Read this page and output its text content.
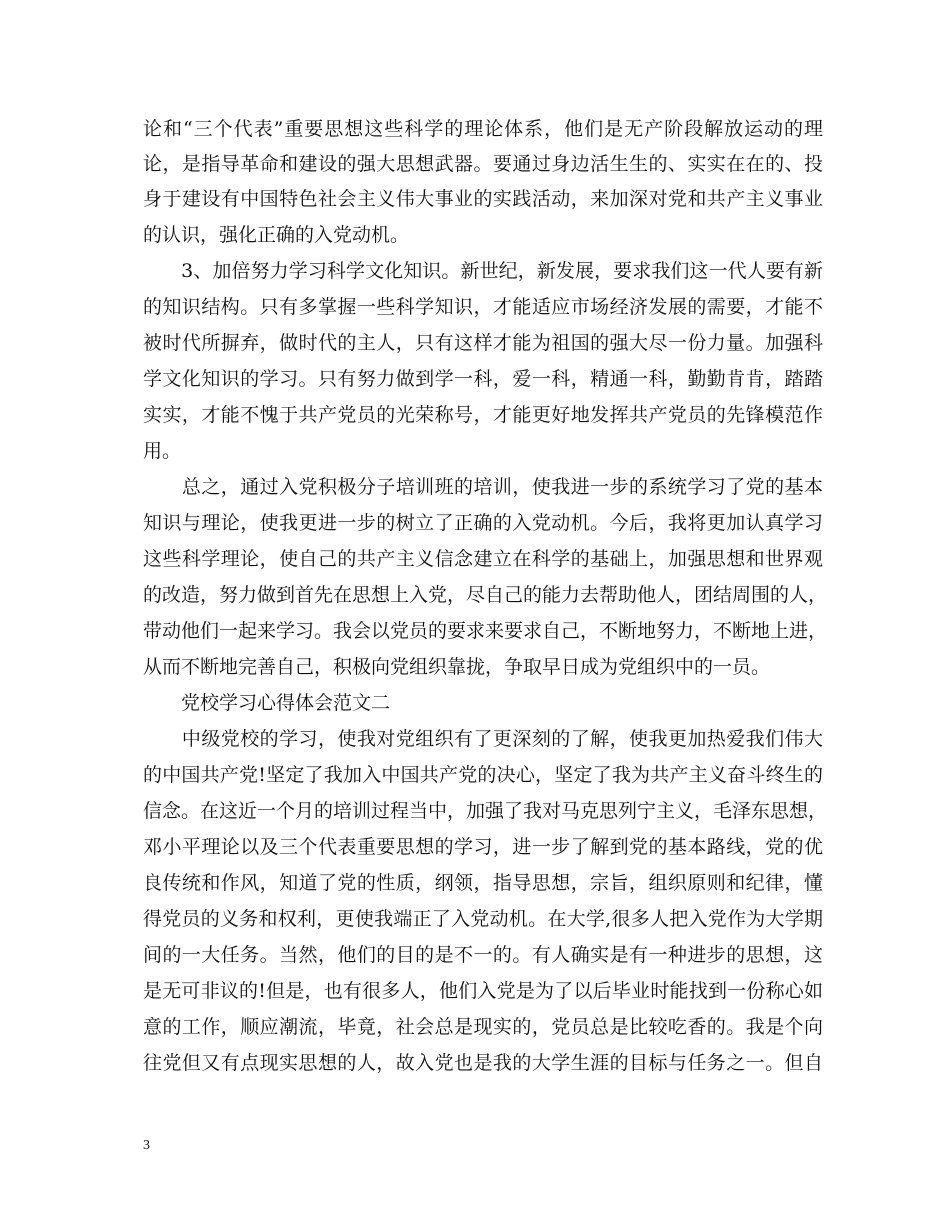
论和“三个代表”重要思想这些科学的理论体系，他们是无产阶段解放运动的理
论，是指导革命和建设的强大思想武器。要通过身边活生生的、实实在在的、投
身于建设有中国特色社会主义伟大事业的实践活动，来加深对党和共产主义事业
的认识，强化正确的入党动机。
　　3、加倍努力学习科学文化知识。新世纪，新发展，要求我们这一代人要有新
的知识结构。只有多掌握一些科学知识，才能适应市场经济发展的需要，才能不
被时代所摒弃，做时代的主人，只有这样才能为祖国的强大尽一份力量。加强科
学文化知识的学习。只有努力做到学一科，爱一科，精通一科，勤勤肯肯，踏踏
实实，才能不愧于共产党员的光荣称号，才能更好地发挥共产党员的先锋模范作
用。
　　总之，通过入党积极分子培训班的培训，使我进一步的系统学习了党的基本
知识与理论，使我更进一步的树立了正确的入党动机。今后，我将更加认真学习
这些科学理论，使自己的共产主义信念建立在科学的基础上，加强思想和世界观
的改造，努力做到首先在思想上入党，尽自己的能力去帮助他人，团结周围的人，
带动他们一起来学习。我会以党员的要求来要求自己，不断地努力，不断地上进，
从而不断地完善自己，积极向党组织靠拢，争取早日成为党组织中的一员。
　　党校学习心得体会范文二
　　中级党校的学习，使我对党组织有了更深刻的了解，使我更加热爱我们伟大
的中国共产党!坚定了我加入中国共产党的决心，坚定了我为共产主义奋斗终生的
信念。在这近一个月的培训过程当中，加强了我对马克思列宁主义，毛泽东思想，
邓小平理论以及三个代表重要思想的学习，进一步了解到党的基本路线，党的优
良传统和作风，知道了党的性质，纲领，指导思想，宗旨，组织原则和纪律，懂
得党员的义务和权利，更使我端正了入党动机。在大学,很多人把入党作为大学期
间的一大任务。当然，他们的目的是不一的。有人确实是有一种进步的思想，这
是无可非议的!但是，也有很多人，他们入党是为了以后毕业时能找到一份称心如
意的工作，顺应潮流，毕竟，社会总是现实的，党员总是比较吃香的。我是个向
往党但又有点现实思想的人，故入党也是我的大学生涯的目标与任务之一。但自
3
